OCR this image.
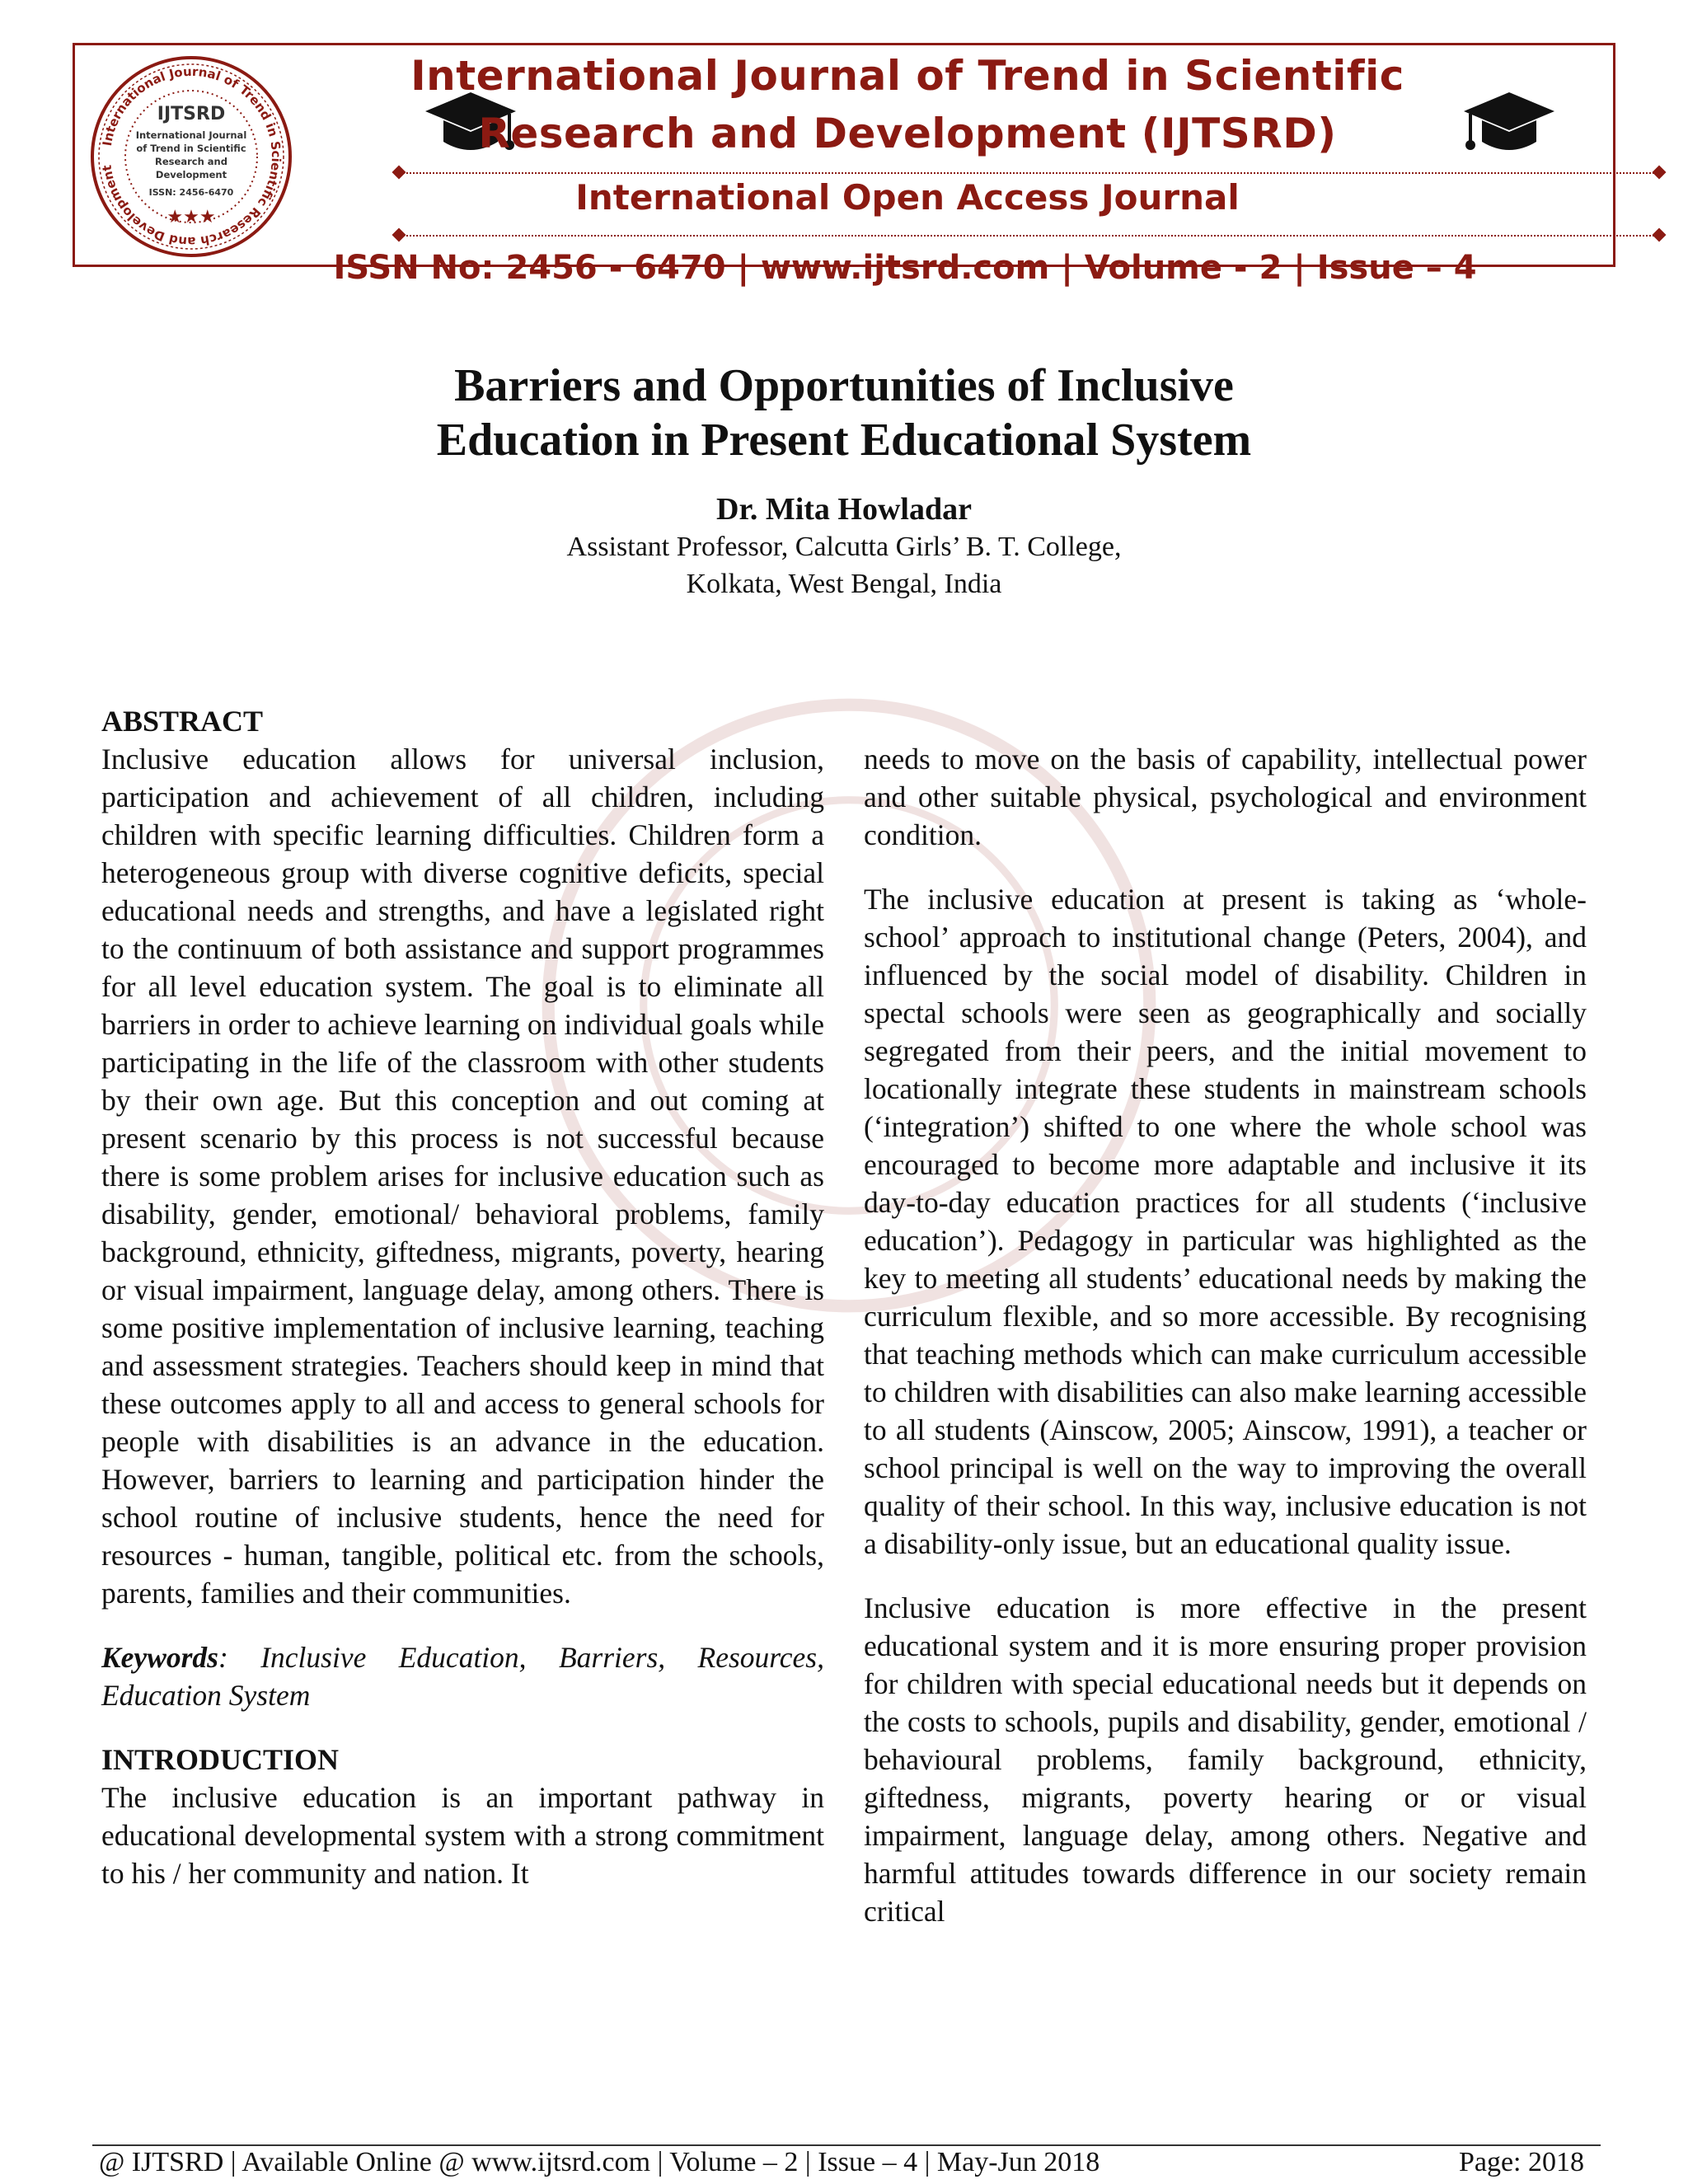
International Journal of Trend in Scientific Research and Development
IJTSRD
International Journal
of Trend in Scientific
Research and
Development
ISSN: 2456-6470
★★★
International Journal of Trend in Scientific
Research and Development (IJTSRD)
International Open Access Journal
ISSN No: 2456 - 6470 | www.ijtsrd.com | Volume - 2 | Issue – 4
Barriers and Opportunities of Inclusive
Education in Present Educational System
Dr. Mita Howladar
Assistant Professor, Calcutta Girls’ B. T. College,
Kolkata, West Bengal, India
ABSTRACT

Inclusive education allows for universal inclusion, participation and achievement of all children, including children with specific learning difficulties. Children form a heterogeneous group with diverse cognitive deficits, special educational needs and strengths, and have a legislated right to the continuum of both assistance and support programmes for all level education system. The goal is to eliminate all barriers in order to achieve learning on individual goals while participating in the life of the classroom with other students by their own age. But this conception and out coming at present scenario by this process is not successful because there is some problem arises for inclusive education such as disability, gender, emotional/ behavioral problems, family background, ethnicity, giftedness, migrants, poverty, hearing or visual impairment, language delay, among others. There is some positive implementation of inclusive learning, teaching and assessment strategies. Teachers should keep in mind that these outcomes apply to all and access to general schools for people with disabilities is an advance in the education. However, barriers to learning and participation hinder the school routine of inclusive students, hence the need for resources - human, tangible, political etc. from the schools, parents, families and their communities.

Keywords: Inclusive Education, Barriers, Resources, Education System

INTRODUCTION

The inclusive education is an important pathway in educational developmental system with a strong commitment to his / her community and nation. It

needs to move on the basis of capability, intellectual power and other suitable physical, psychological and environment condition.

The inclusive education at present is taking as ‘whole-school’ approach to institutional change (Peters, 2004), and influenced by the social model of disability. Children in spectal schools were seen as geographically and socially segregated from their peers, and the initial movement to locationally integrate these students in mainstream schools (‘integration’) shifted to one where the whole school was encouraged to become more adaptable and inclusive it its day-to-day education practices for all students (‘inclusive education’). Pedagogy in particular was highlighted as the key to meeting all students’ educational needs by making the curriculum flexible, and so more accessible. By recognising that teaching methods which can make curriculum accessible to children with disabilities can also make learning accessible to all students (Ainscow, 2005; Ainscow, 1991), a teacher or school principal is well on the way to improving the overall quality of their school. In this way, inclusive education is not a disability-only issue, but an educational quality issue.

Inclusive education is more effective in the present educational system and it is more ensuring proper provision for children with special educational needs but it depends on the costs to schools, pupils and disability, gender, emotional / behavioural problems, family background, ethnicity, giftedness, migrants, poverty hearing or or visual impairment, language delay, among others. Negative and harmful attitudes towards difference in our society remain critical

@ IJTSRD | Available Online @ www.ijtsrd.com | Volume – 2 | Issue – 4 | May-Jun 2018	Page: 2018
